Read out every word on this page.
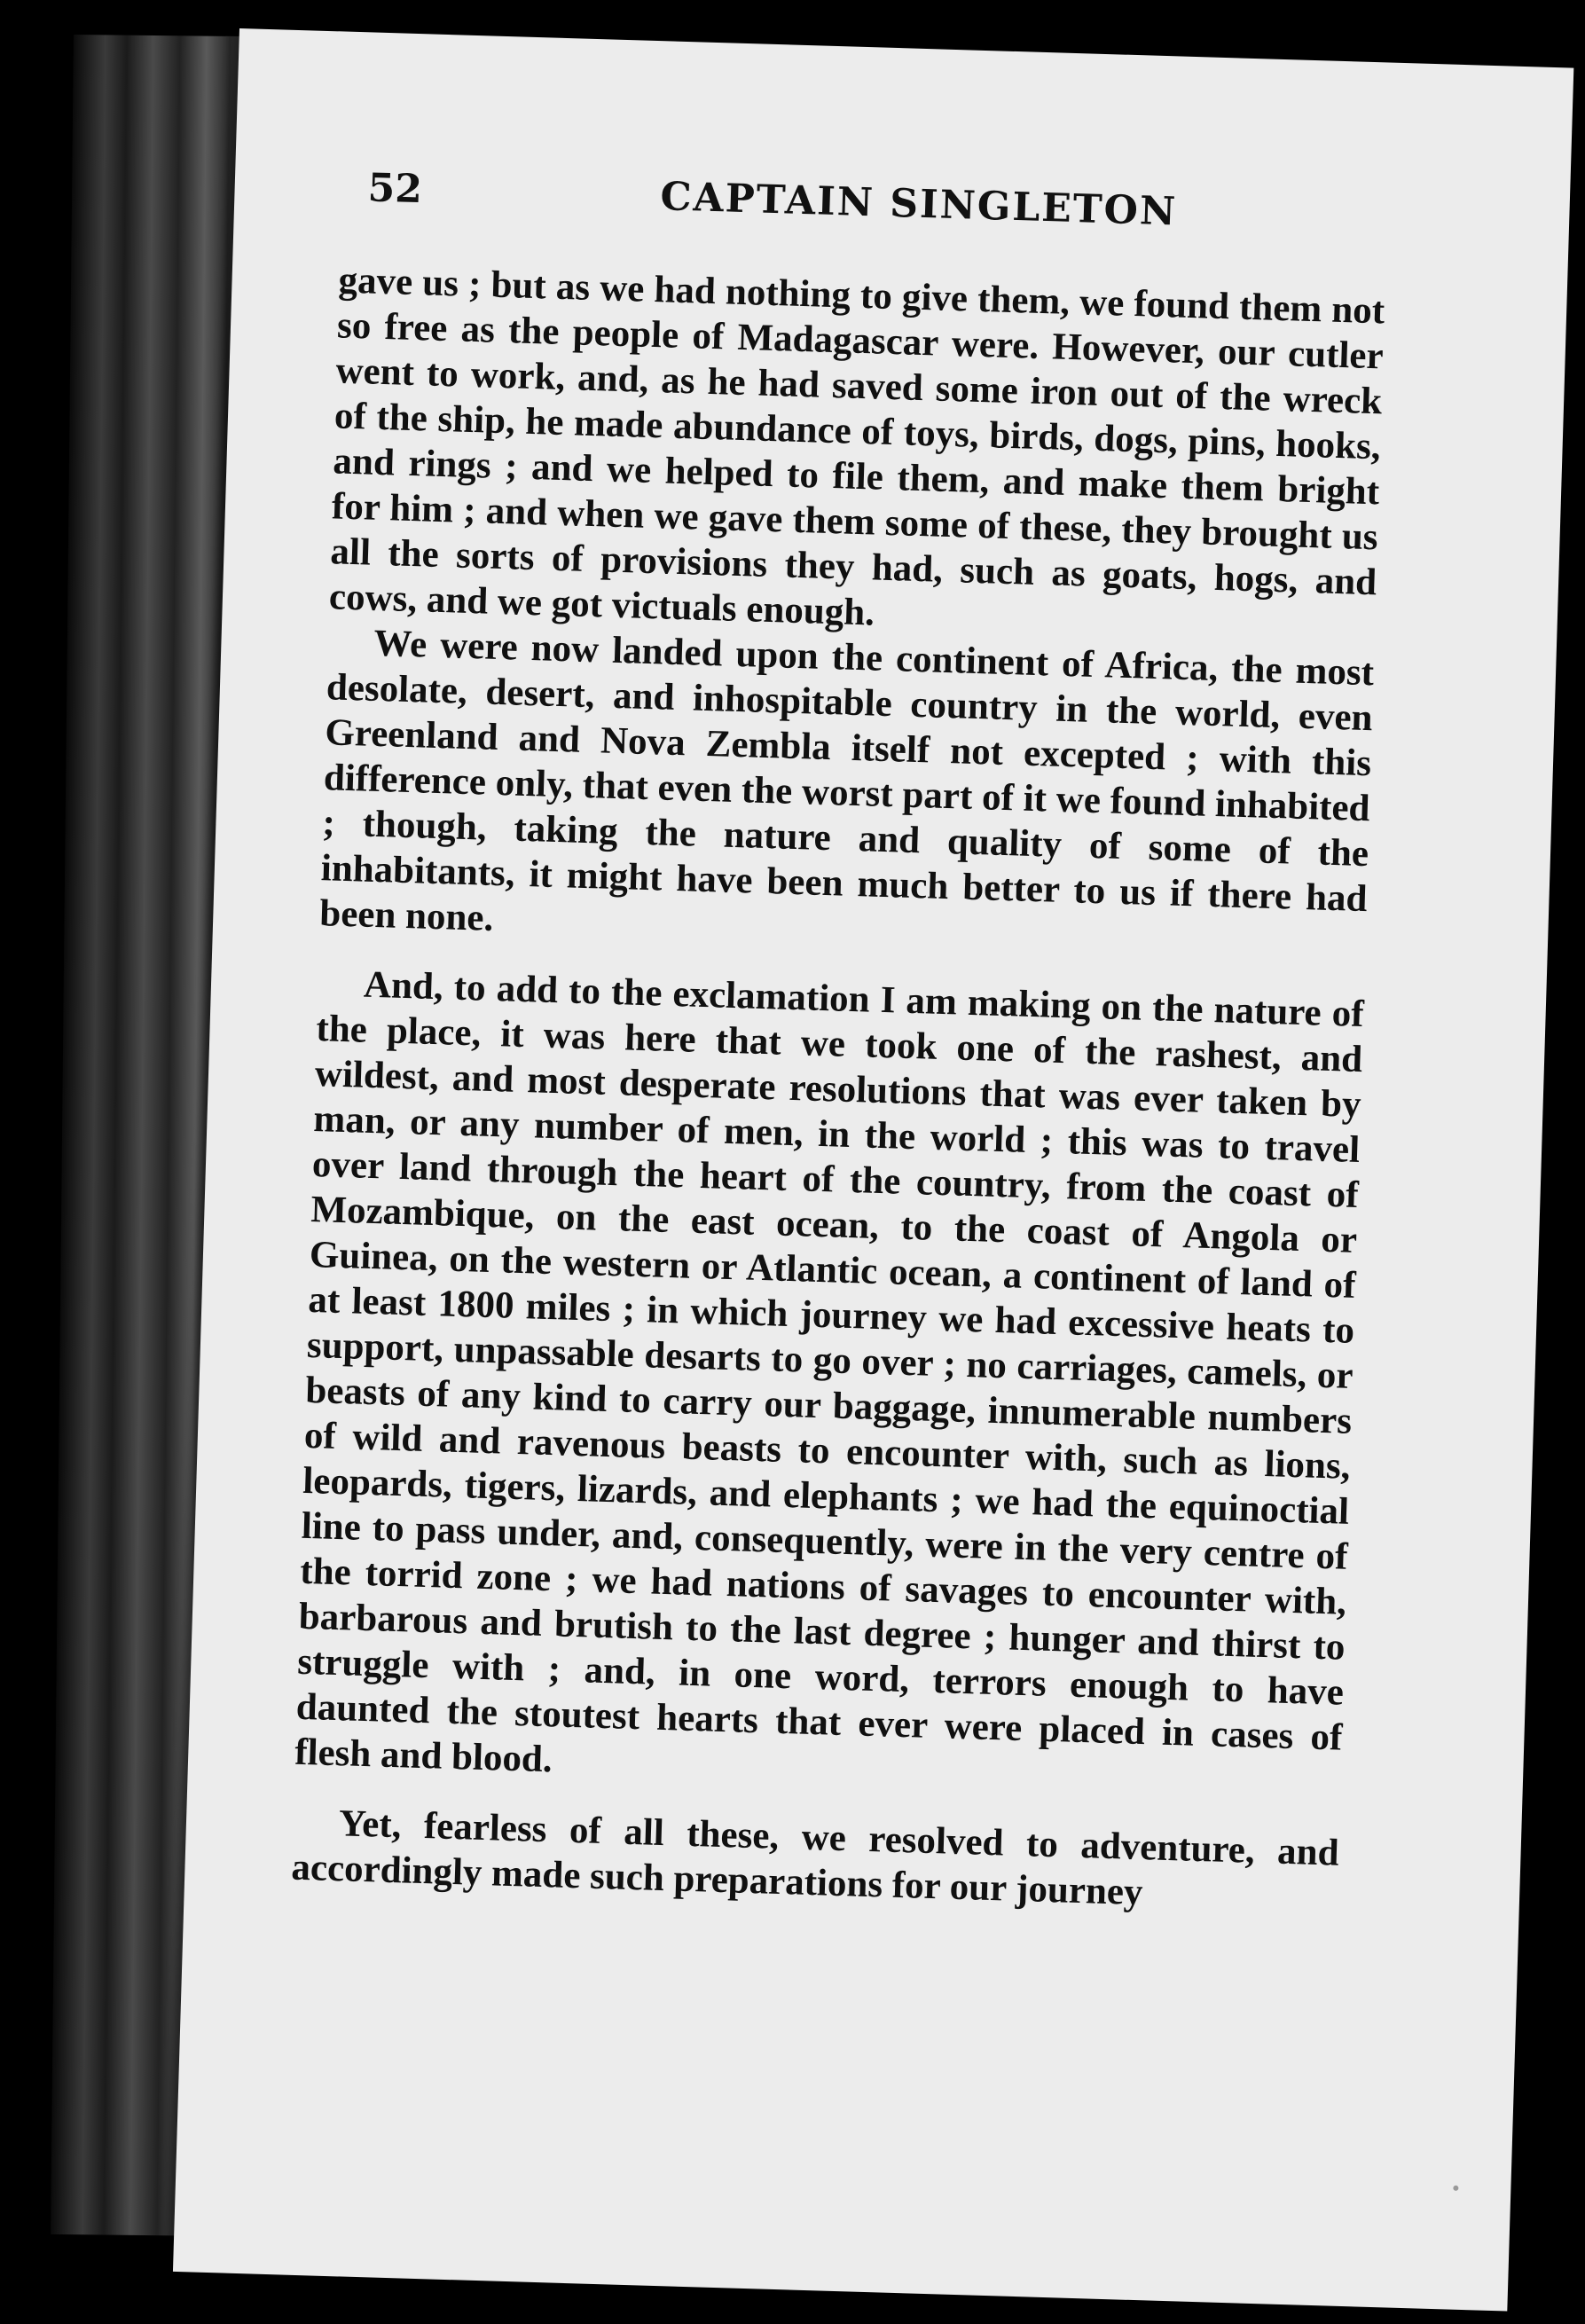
52	CAPTAIN SINGLETON

gave us ; but as we had nothing to give them, we found them not so free as the people of Madagascar were. However, our cutler went to work, and, as he had saved some iron out of the wreck of the ship, he made abundance of toys, birds, dogs, pins, hooks, and rings ; and we helped to file them, and make them bright for him ; and when we gave them some of these, they brought us all the sorts of provisions they had, such as goats, hogs, and cows, and we got victuals enough.

We were now landed upon the continent of Africa, the most desolate, desert, and inhospitable country in the world, even Greenland and Nova Zembla itself not excepted ; with this difference only, that even the worst part of it we found inhabited ; though, taking the nature and quality of some of the inhabitants, it might have been much better to us if there had been none.

And, to add to the exclamation I am making on the nature of the place, it was here that we took one of the rashest, and wildest, and most desperate resolutions that was ever taken by man, or any number of men, in the world ; this was to travel over land through the heart of the country, from the coast of Mozambique, on the east ocean, to the coast of Angola or Guinea, on the western or Atlantic ocean, a continent of land of at least 1800 miles ; in which journey we had excessive heats to support, unpassable desarts to go over ; no carriages, camels, or beasts of any kind to carry our baggage, innumerable numbers of wild and ravenous beasts to encounter with, such as lions, leopards, tigers, lizards, and elephants ; we had the equinoctial line to pass under, and, consequently, were in the very centre of the torrid zone ; we had nations of savages to encounter with, barbarous and brutish to the last degree ; hunger and thirst to struggle with ; and, in one word, terrors enough to have daunted the stoutest hearts that ever were placed in cases of flesh and blood.

Yet, fearless of all these, we resolved to adventure, and accordingly made such preparations for our journey
